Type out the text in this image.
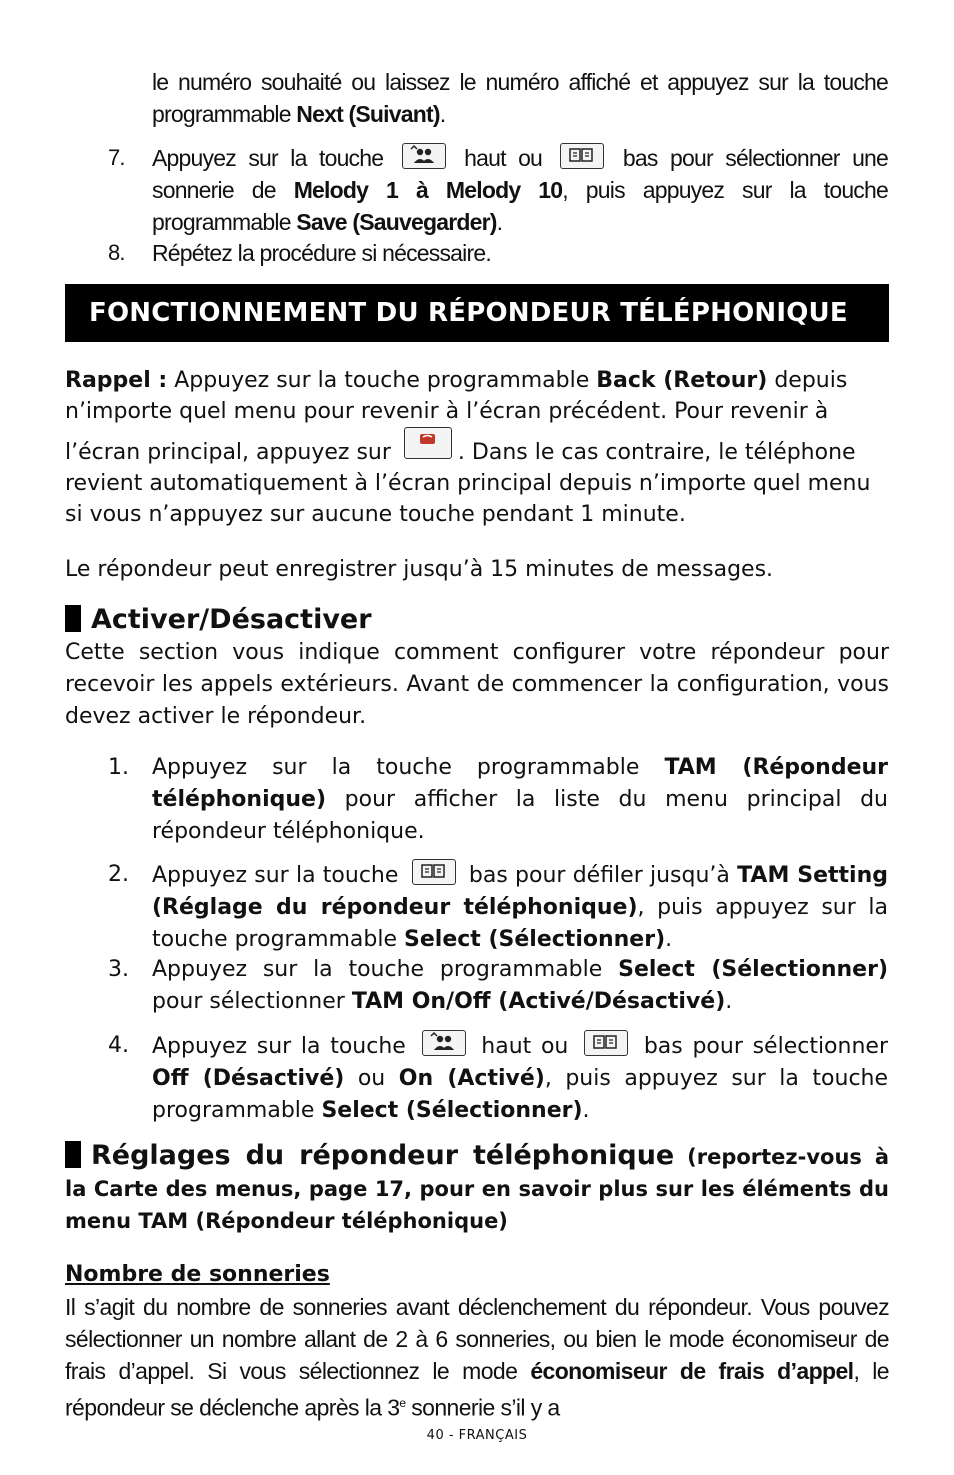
le numéro souhaité ou laissez le numéro affiché et appuyez sur la touche programmable Next (Suivant).
7. Appuyez sur la touche	haut ou	bas pour sélectionner une sonnerie de Melody 1 à Melody 10, puis appuyez sur la touche programmable Save (Sauvegarder).
8. Répétez la procédure si nécessaire.
FONCTIONNEMENT DU RÉPONDEUR TÉLÉPHONIQUE
Rappel : Appuyez sur la touche programmable Back (Retour) depuis n’importe quel menu pour revenir à l’écran précédent. Pour revenir à l’écran principal, appuyez sur	. Dans le cas contraire, le téléphone revient automatiquement à l’écran principal depuis n’importe quel menu si vous n’appuyez sur aucune touche pendant 1 minute.
Le répondeur peut enregistrer jusqu’à 15 minutes de messages.
Activer/Désactiver
Cette section vous indique comment configurer votre répondeur pour recevoir les appels extérieurs. Avant de commencer la configuration, vous devez activer le répondeur.
1. Appuyez sur la touche programmable TAM (Répondeur téléphonique) pour afficher la liste du menu principal du répondeur téléphonique.
2. Appuyez sur la touche	bas pour défiler jusqu’à TAM Setting (Réglage du répondeur téléphonique), puis appuyez sur la touche programmable Select (Sélectionner).
3. Appuyez sur la touche programmable Select (Sélectionner) pour sélectionner TAM On/Off (Activé/Désactivé).
4. Appuyez sur la touche	haut ou	bas pour sélectionner Off (Désactivé) ou On (Activé), puis appuyez sur la touche programmable Select (Sélectionner).
Réglages du répondeur téléphonique (reportez-vous à la Carte des menus, page 17, pour en savoir plus sur les éléments du menu TAM (Répondeur téléphonique)
Nombre de sonneries
Il s’agit du nombre de sonneries avant déclenchement du répondeur. Vous pouvez sélectionner un nombre allant de 2 à 6 sonneries, ou bien le mode économiseur de frais d’appel. Si vous sélectionnez le mode économiseur de frais d’appel, le répondeur se déclenche après la 3e sonnerie s’il y a
40 - FRANÇAIS
